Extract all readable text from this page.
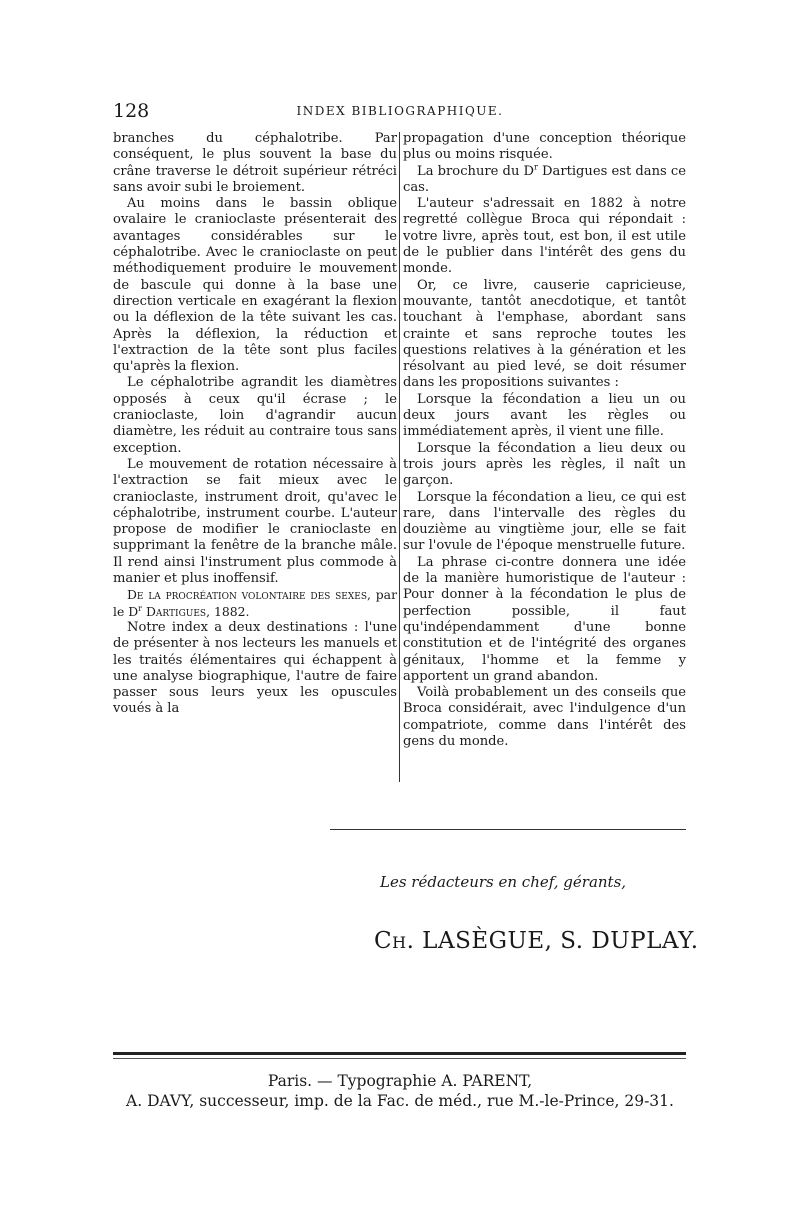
128	INDEX BIBLIOGRAPHIQUE.

branches du céphalotribe. Par conséquent, le plus souvent la base du crâne traverse le détroit supérieur rétréci sans avoir subi le broiement.

Au moins dans le bassin oblique ovalaire le cranioclaste présenterait des avantages considérables sur le céphalotribe. Avec le cranioclaste on peut méthodiquement produire le mouvement de bascule qui donne à la base une direction verticale en exagérant la flexion ou la déflexion de la tête suivant les cas. Après la déflexion, la réduction et l'extraction de la tête sont plus faciles qu'après la flexion.

Le céphalotribe agrandit les diamètres opposés à ceux qu'il écrase ; le cranioclaste, loin d'agrandir aucun diamètre, les réduit au contraire tous sans exception.

Le mouvement de rotation nécessaire à l'extraction se fait mieux avec le cranioclaste, instrument droit, qu'avec le céphalotribe, instrument courbe. L'auteur propose de modifier le cranioclaste en supprimant la fenêtre de la branche mâle. Il rend ainsi l'instrument plus commode à manier et plus inoffensif.

De la procréation volontaire des sexes, par le $D^r$ Dartigues, 1882.

Notre index a deux destinations : l'une de présenter à nos lecteurs les manuels et les traités élémentaires qui échappent à une analyse biographique, l'autre de faire passer sous leurs yeux les opuscules voués à la

propagation d'une conception théorique plus ou moins risquée.

La brochure du $D^r$ Dartigues est dans ce cas.

L'auteur s'adressait en 1882 à notre regretté collègue Broca qui répondait : votre livre, après tout, est bon, il est utile de le publier dans l'intérêt des gens du monde.

Or, ce livre, causerie capricieuse, mouvante, tantôt anecdotique, et tantôt touchant à l'emphase, abordant sans crainte et sans reproche toutes les questions relatives à la génération et les résolvant au pied levé, se doit résumer dans les propositions suivantes :

Lorsque la fécondation a lieu un ou deux jours avant les règles ou immédiatement après, il vient une fille.

Lorsque la fécondation a lieu deux ou trois jours après les règles, il naît un garçon.

Lorsque la fécondation a lieu, ce qui est rare, dans l'intervalle des règles du douzième au vingtième jour, elle se fait sur l'ovule de l'époque menstruelle future.

La phrase ci-contre donnera une idée de la manière humoristique de l'auteur : Pour donner à la fécondation le plus de perfection possible, il faut qu'indépendamment d'une bonne constitution et de l'intégrité des organes génitaux, l'homme et la femme y apportent un grand abandon.

Voilà probablement un des conseils que Broca considérait, avec l'indulgence d'un compatriote, comme dans l'intérêt des gens du monde.

Les rédacteurs en chef, gérants,
Ch. LASÈGUE, S. DUPLAY.
Paris. — Typographie A. PARENT,
A. DAVY, successeur, imp. de la Fac. de méd., rue M.-le-Prince, 29-31.
